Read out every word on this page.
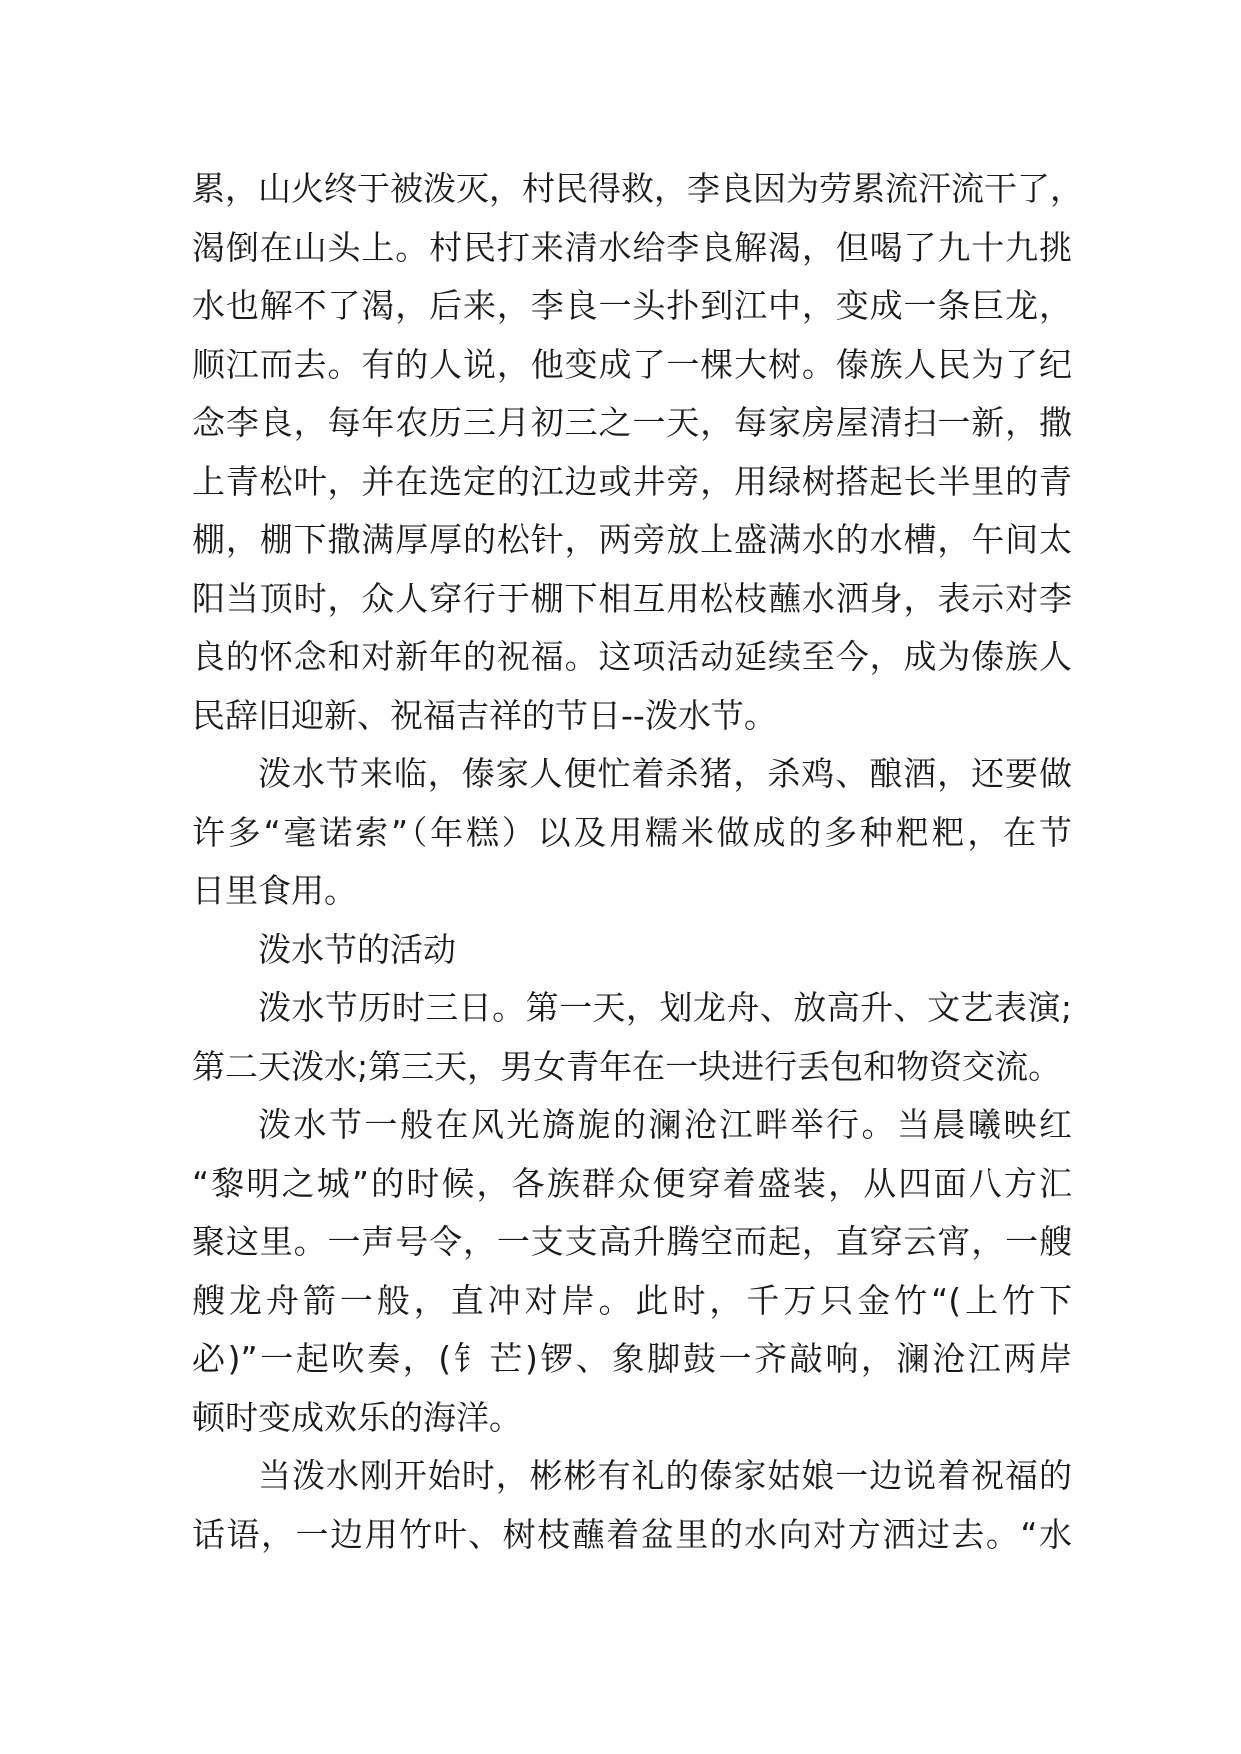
累，山火终于被泼灭，村民得救，李良因为劳累流汗流干了，
渴倒在山头上。村民打来清水给李良解渴，但喝了九十九挑
水也解不了渴，后来，李良一头扑到江中，变成一条巨龙，
顺江而去。有的人说，他变成了一棵大树。傣族人民为了纪
念李良，每年农历三月初三之一天，每家房屋清扫一新，撒
上青松叶，并在选定的江边或井旁，用绿树搭起长半里的青
棚，棚下撒满厚厚的松针，两旁放上盛满水的水槽，午间太
阳当顶时，众人穿行于棚下相互用松枝蘸水洒身，表示对李
良的怀念和对新年的祝福。这项活动延续至今，成为傣族人
民辞旧迎新、祝福吉祥的节日--泼水节。
泼水节来临，傣家人便忙着杀猪，杀鸡、酿酒，还要做
许多“毫诺索”（年糕）以及用糯米做成的多种粑粑，在节
日里食用。
泼水节的活动
泼水节历时三日。第一天，划龙舟、放高升、文艺表演;
第二天泼水;第三天，男女青年在一块进行丢包和物资交流。
泼水节一般在风光旖旎的澜沧江畔举行。当晨曦映红
“黎明之城”的时候，各族群众便穿着盛装，从四面八方汇
聚这里。一声号令，一支支高升腾空而起，直穿云宵，一艘
艘龙舟箭一般，直冲对岸。此时，千万只金竹“(上竹下
必)”一起吹奏，(钅芒)锣、象脚鼓一齐敲响，澜沧江两岸
顿时变成欢乐的海洋。
当泼水刚开始时，彬彬有礼的傣家姑娘一边说着祝福的
话语，一边用竹叶、树枝蘸着盆里的水向对方洒过去。“水
